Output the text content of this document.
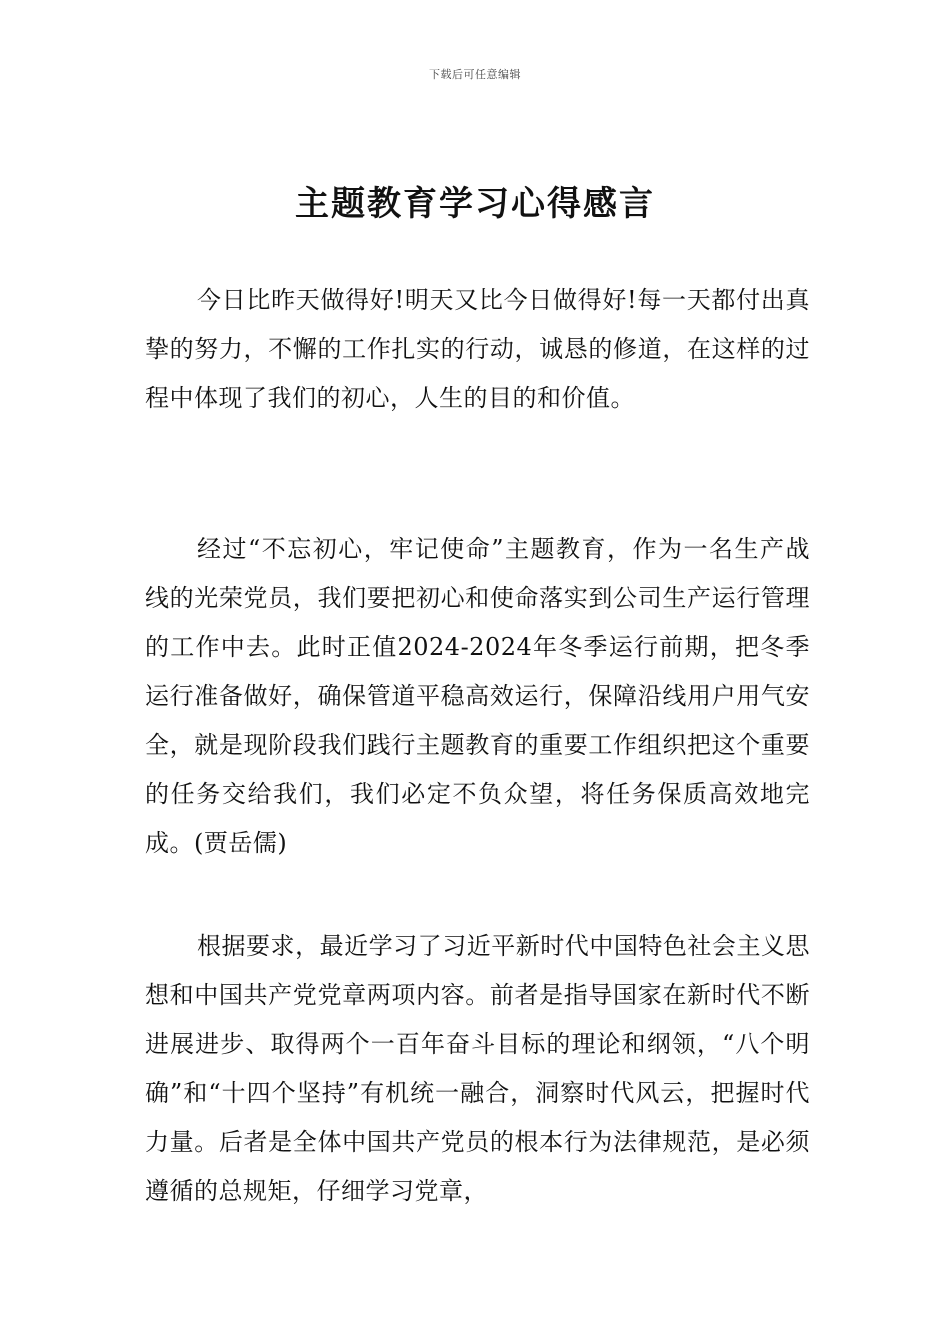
下载后可任意编辑
主题教育学习心得感言

今日比昨天做得好!明天又比今日做得好!每一天都付出真挚的努力，不懈的工作扎实的行动，诚恳的修道，在这样的过程中体现了我们的初心，人生的目的和价值。

经过“不忘初心，牢记使命”主题教育，作为一名生产战线的光荣党员，我们要把初心和使命落实到公司生产运行管理的工作中去。此时正值2024-2024年冬季运行前期，把冬季运行准备做好，确保管道平稳高效运行，保障沿线用户用气安全，就是现阶段我们践行主题教育的重要工作组织把这个重要的任务交给我们，我们必定不负众望，将任务保质高效地完成。(贾岳儒)

根据要求，最近学习了习近平新时代中国特色社会主义思想和中国共产党党章两项内容。前者是指导国家在新时代不断进展进步、取得两个一百年奋斗目标的理论和纲领，“八个明确”和“十四个坚持”有机统一融合，洞察时代风云，把握时代力量。后者是全体中国共产党员的根本行为法律规范，是必须遵循的总规矩，仔细学习党章，
